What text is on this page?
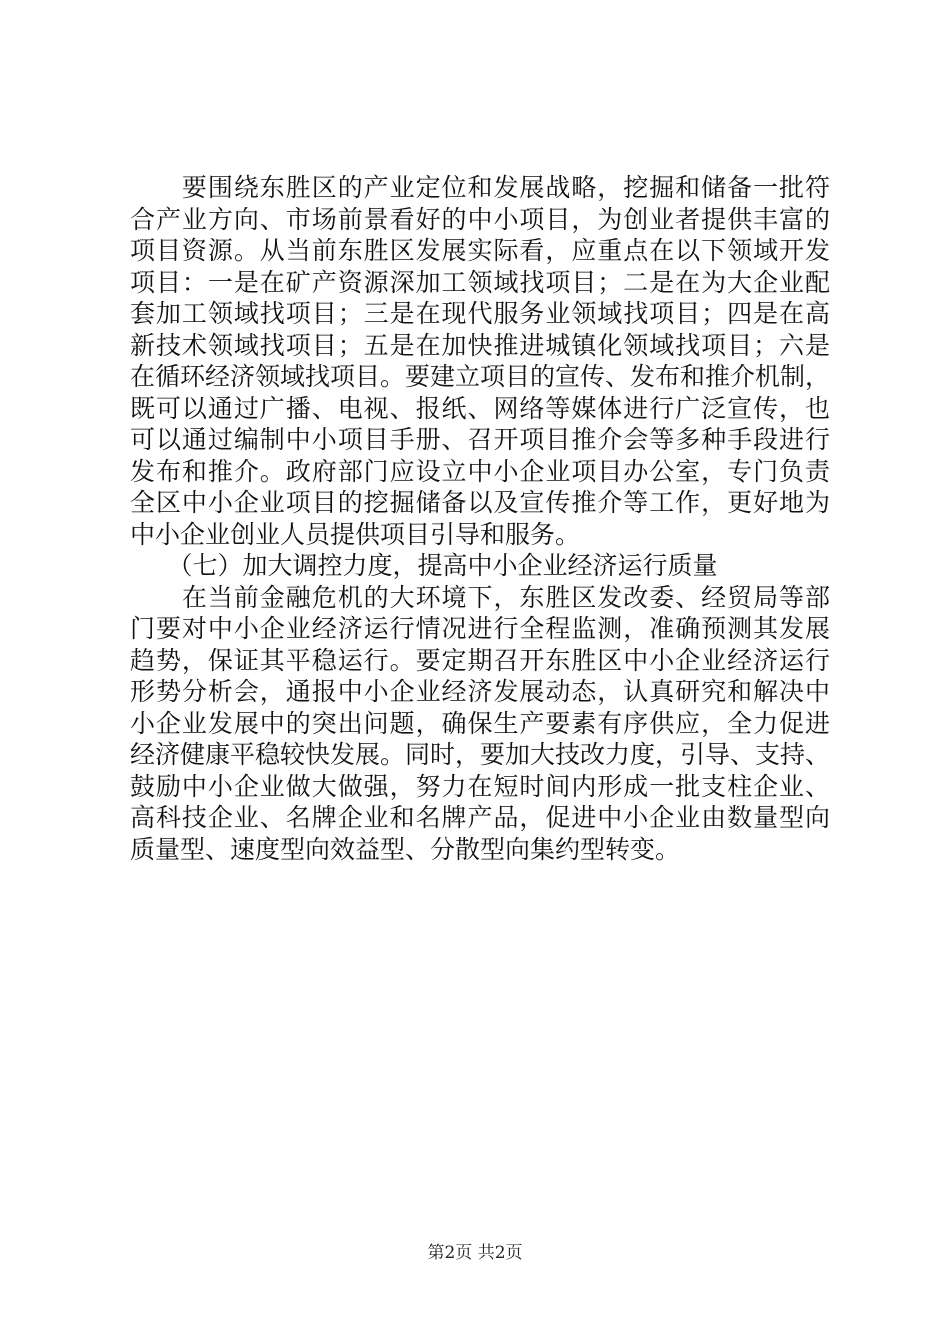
　　要围绕东胜区的产业定位和发展战略，挖掘和储备一批符
合产业方向、市场前景看好的中小项目，为创业者提供丰富的
项目资源。从当前东胜区发展实际看，应重点在以下领域开发
项目：一是在矿产资源深加工领域找项目；二是在为大企业配
套加工领域找项目；三是在现代服务业领域找项目；四是在高
新技术领域找项目；五是在加快推进城镇化领域找项目；六是
在循环经济领域找项目。要建立项目的宣传、发布和推介机制，
既可以通过广播、电视、报纸、网络等媒体进行广泛宣传，也
可以通过编制中小项目手册、召开项目推介会等多种手段进行
发布和推介。政府部门应设立中小企业项目办公室，专门负责
全区中小企业项目的挖掘储备以及宣传推介等工作，更好地为
中小企业创业人员提供项目引导和服务。
　　（七）加大调控力度，提高中小企业经济运行质量
　　在当前金融危机的大环境下，东胜区发改委、经贸局等部
门要对中小企业经济运行情况进行全程监测，准确预测其发展
趋势，保证其平稳运行。要定期召开东胜区中小企业经济运行
形势分析会，通报中小企业经济发展动态，认真研究和解决中
小企业发展中的突出问题，确保生产要素有序供应，全力促进
经济健康平稳较快发展。同时，要加大技改力度，引导、支持、
鼓励中小企业做大做强，努力在短时间内形成一批支柱企业、
高科技企业、名牌企业和名牌产品，促进中小企业由数量型向
质量型、速度型向效益型、分散型向集约型转变。
第2页 共2页
